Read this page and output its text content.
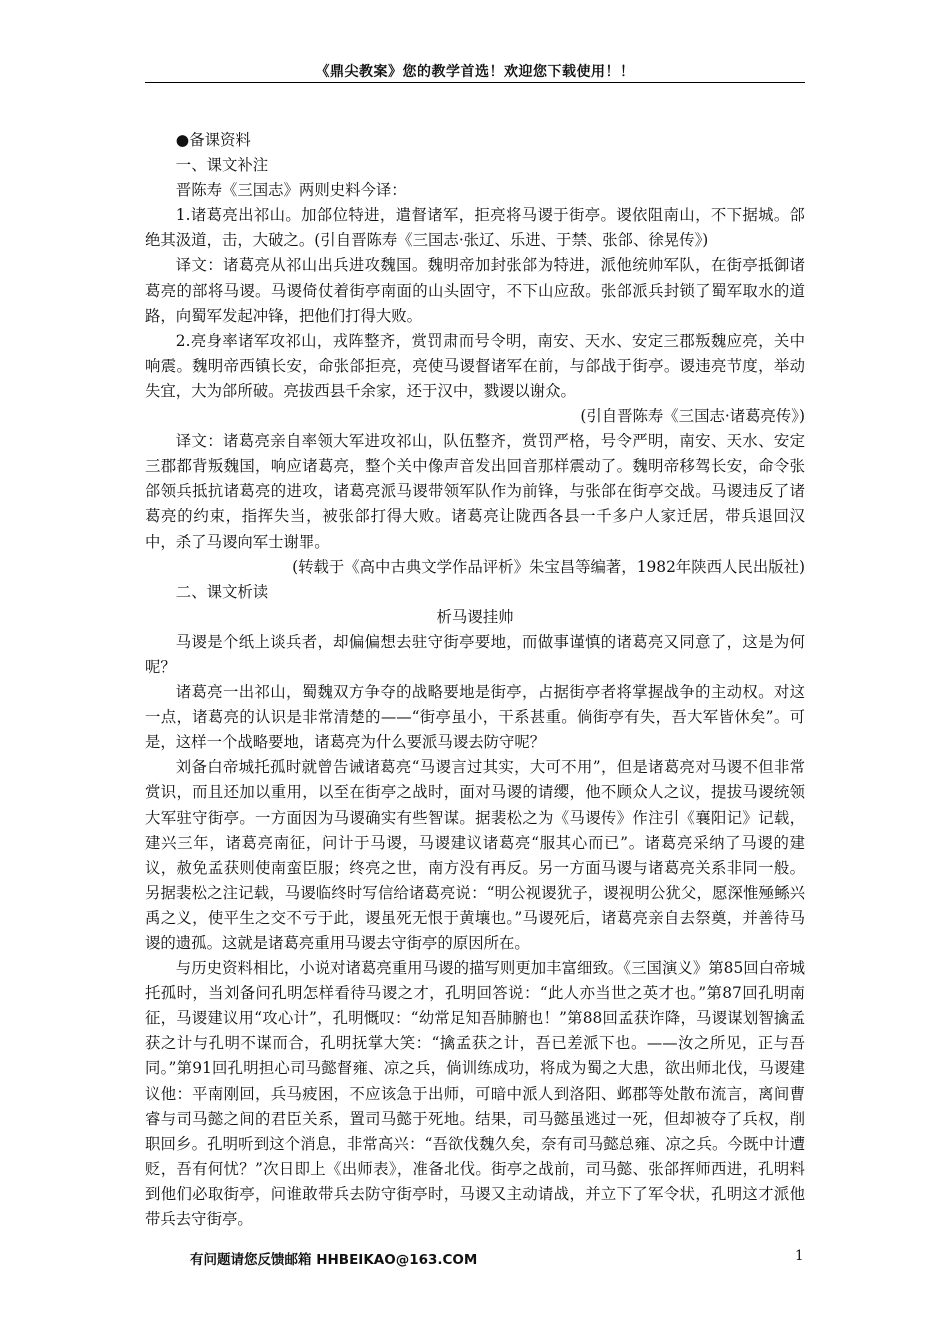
《鼎尖教案》您的教学首选！欢迎您下载使用！！

●备课资料

一、课文补注

晋陈寿《三国志》两则史料今译：

1.诸葛亮出祁山。加郃位特进，遣督诸军，拒亮将马谡于街亭。谡依阻南山，不下据城。郃绝其汲道，击，大破之。(引自晋陈寿《三国志·张辽、乐进、于禁、张郃、徐晃传》)

译文：诸葛亮从祁山出兵进攻魏国。魏明帝加封张郃为特进，派他统帅军队，在街亭抵御诸葛亮的部将马谡。马谡倚仗着街亭南面的山头固守，不下山应敌。张郃派兵封锁了蜀军取水的道路，向蜀军发起冲锋，把他们打得大败。

2.亮身率诸军攻祁山，戎阵整齐，赏罚肃而号令明，南安、天水、安定三郡叛魏应亮，关中响震。魏明帝西镇长安，命张郃拒亮，亮使马谡督诸军在前，与郃战于街亭。谡违亮节度，举动失宜，大为郃所破。亮拔西县千余家，还于汉中，戮谡以谢众。

(引自晋陈寿《三国志·诸葛亮传》)

译文：诸葛亮亲自率领大军进攻祁山，队伍整齐，赏罚严格，号令严明，南安、天水、安定三郡都背叛魏国，响应诸葛亮，整个关中像声音发出回音那样震动了。魏明帝移驾长安，命令张郃领兵抵抗诸葛亮的进攻，诸葛亮派马谡带领军队作为前锋，与张郃在街亭交战。马谡违反了诸葛亮的约束，指挥失当，被张郃打得大败。诸葛亮让陇西各县一千多户人家迁居，带兵退回汉中，杀了马谡向军士谢罪。

(转载于《高中古典文学作品评析》朱宝昌等编著，1982年陕西人民出版社)

二、课文析读

析马谡挂帅

马谡是个纸上谈兵者，却偏偏想去驻守街亭要地，而做事谨慎的诸葛亮又同意了，这是为何呢？

诸葛亮一出祁山，蜀魏双方争夺的战略要地是街亭，占据街亭者将掌握战争的主动权。对这一点，诸葛亮的认识是非常清楚的——“街亭虽小，干系甚重。倘街亭有失，吾大军皆休矣”。可是，这样一个战略要地，诸葛亮为什么要派马谡去防守呢？

刘备白帝城托孤时就曾告诫诸葛亮“马谡言过其实，大可不用”，但是诸葛亮对马谡不但非常赏识，而且还加以重用，以至在街亭之战时，面对马谡的请缨，他不顾众人之议，提拔马谡统领大军驻守街亭。一方面因为马谡确实有些智谋。据裴松之为《马谡传》作注引《襄阳记》记载，建兴三年，诸葛亮南征，问计于马谡，马谡建议诸葛亮“服其心而已”。诸葛亮采纳了马谡的建议，赦免孟获则使南蛮臣服；终亮之世，南方没有再反。另一方面马谡与诸葛亮关系非同一般。另据裴松之注记载，马谡临终时写信给诸葛亮说：“明公视谡犹子，谡视明公犹父，愿深惟殛鲧兴禹之义，使平生之交不亏于此，谡虽死无恨于黄壤也。”马谡死后，诸葛亮亲自去祭奠，并善待马谡的遗孤。这就是诸葛亮重用马谡去守街亭的原因所在。

与历史资料相比，小说对诸葛亮重用马谡的描写则更加丰富细致。《三国演义》第85回白帝城托孤时，当刘备问孔明怎样看待马谡之才，孔明回答说：“此人亦当世之英才也。”第87回孔明南征，马谡建议用“攻心计”，孔明慨叹：“幼常足知吾肺腑也！”第88回孟获诈降，马谡谋划智擒孟获之计与孔明不谋而合，孔明抚掌大笑：“擒孟获之计，吾已差派下也。——汝之所见，正与吾同。”第91回孔明担心司马懿督雍、凉之兵，倘训练成功，将成为蜀之大患，欲出师北伐，马谡建议他：平南刚回，兵马疲困，不应该急于出师，可暗中派人到洛阳、邺郡等处散布流言，离间曹睿与司马懿之间的君臣关系，置司马懿于死地。结果，司马懿虽逃过一死，但却被夺了兵权，削职回乡。孔明听到这个消息，非常高兴：“吾欲伐魏久矣，奈有司马懿总雍、凉之兵。今既中计遭贬，吾有何忧？”次日即上《出师表》，准备北伐。街亭之战前，司马懿、张郃挥师西进，孔明料到他们必取街亭，问谁敢带兵去防守街亭时，马谡又主动请战，并立下了军令状，孔明这才派他带兵去守街亭。

有问题请您反馈邮箱 HHBEIKAO@163.COM	1
